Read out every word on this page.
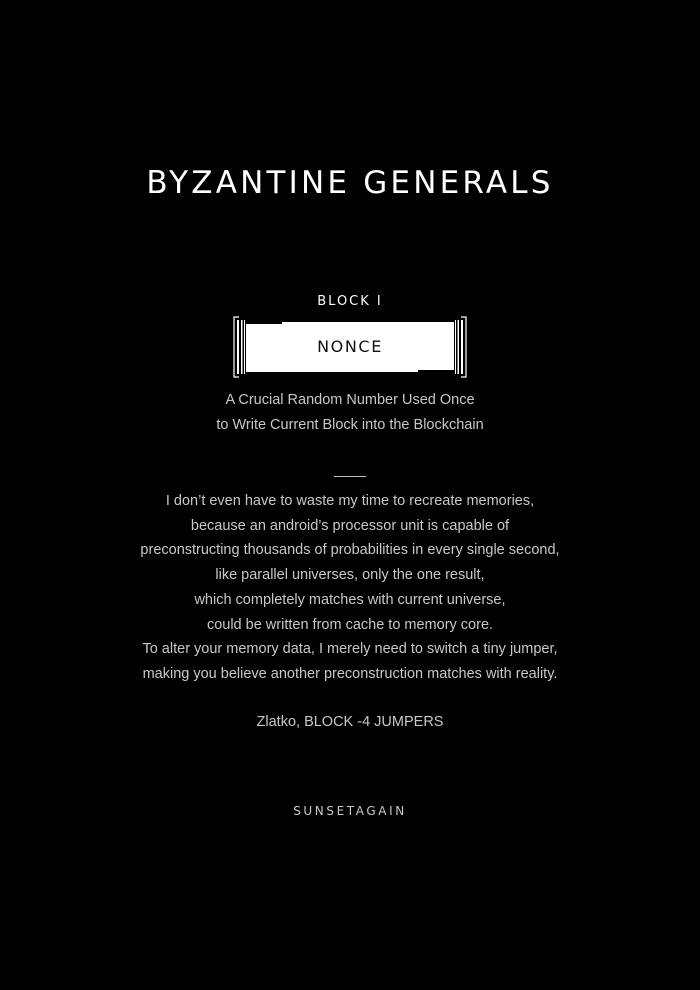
BYZANTINE GENERALS
BLOCK I
NONCE
A Crucial Random Number Used Once
to Write Current Block into the Blockchain
I don’t even have to waste my time to recreate memories,
because an android’s processor unit is capable of
preconstructing thousands of probabilities in every single second,
like parallel universes, only the one result,
which completely matches with current universe,
could be written from cache to memory core.
To alter your memory data, I merely need to switch a tiny jumper,
making you believe another preconstruction matches with reality.
Zlatko, BLOCK -4 JUMPERS
SUNSETAGAIN
